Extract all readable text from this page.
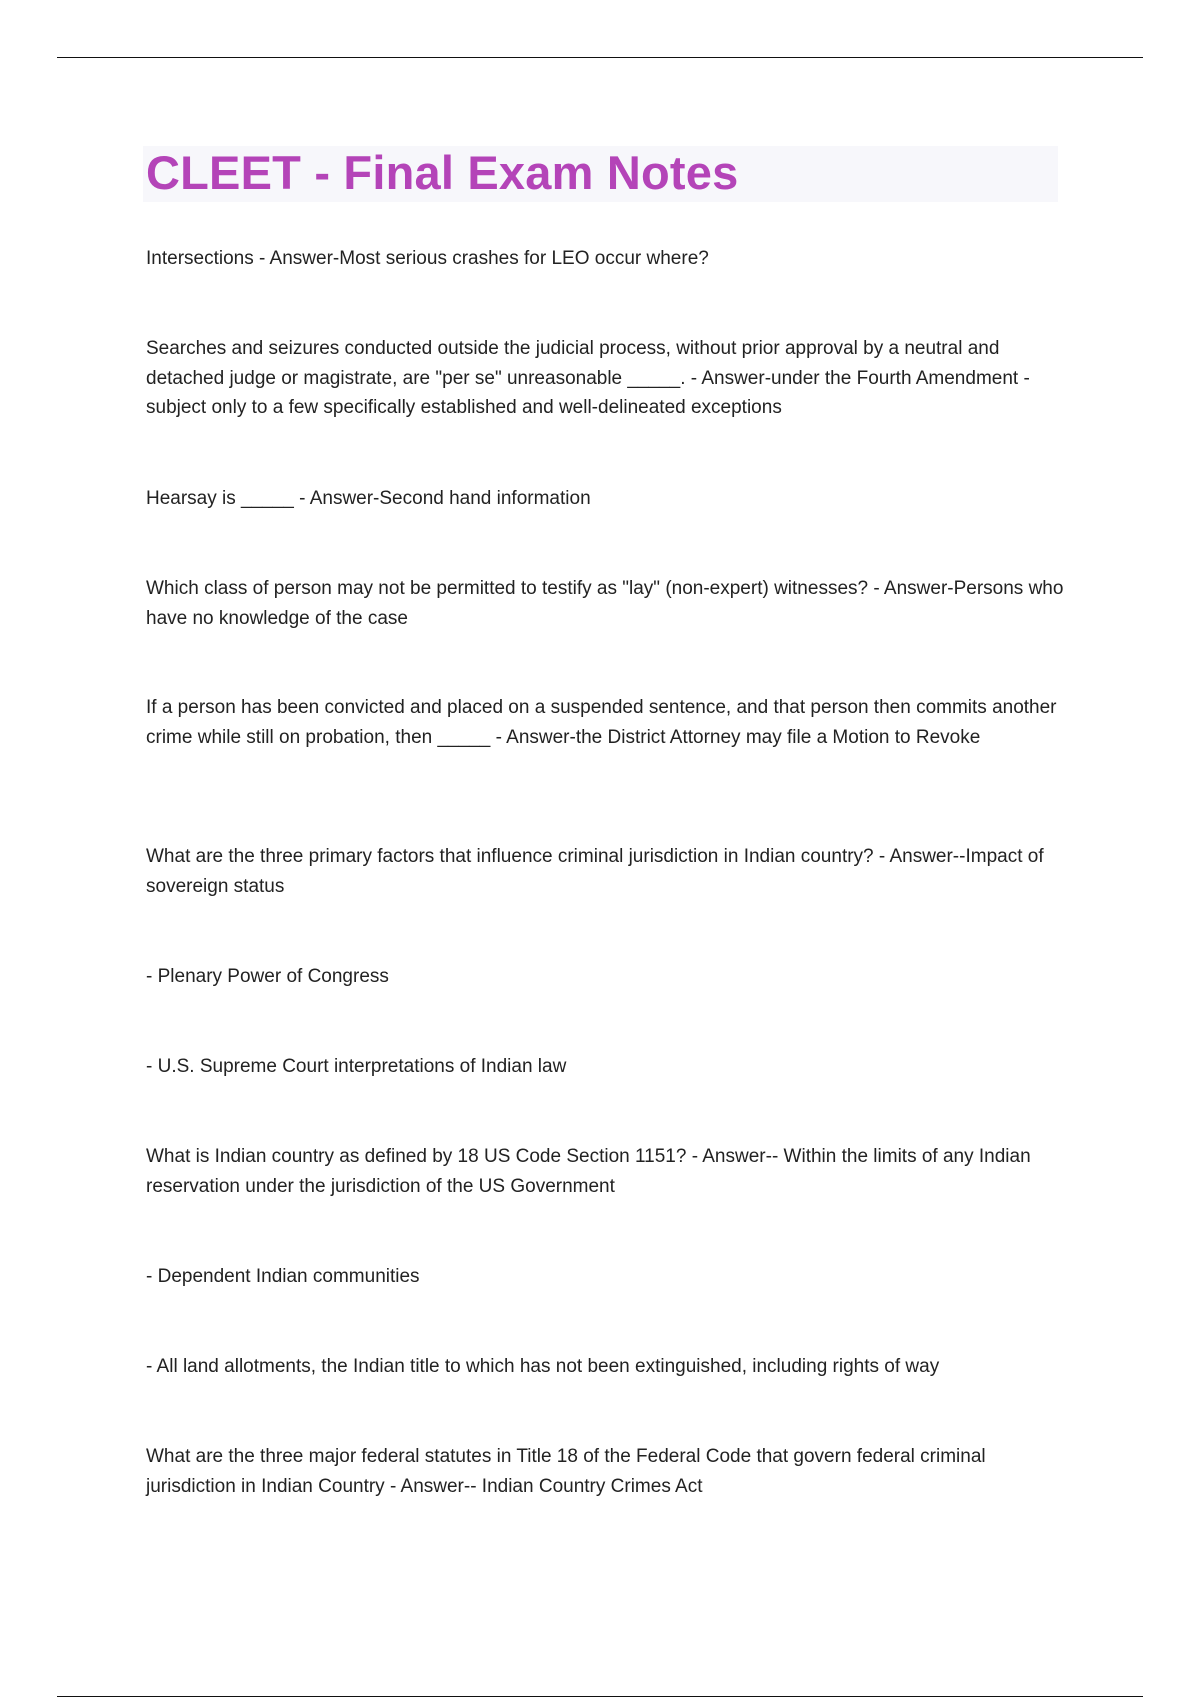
CLEET - Final Exam Notes

Intersections - Answer-Most serious crashes for LEO occur where?

Searches and seizures conducted outside the judicial process, without prior approval by a neutral and detached judge or magistrate, are "per se" unreasonable _____. - Answer-under the Fourth Amendment - subject only to a few specifically established and well-delineated exceptions

Hearsay is _____ - Answer-Second hand information

Which class of person may not be permitted to testify as "lay" (non-expert) witnesses? - Answer-Persons who have no knowledge of the case

If a person has been convicted and placed on a suspended sentence, and that person then commits another crime while still on probation, then _____ - Answer-the District Attorney may file a Motion to Revoke

What are the three primary factors that influence criminal jurisdiction in Indian country? - Answer--Impact of sovereign status

- Plenary Power of Congress

- U.S. Supreme Court interpretations of Indian law

What is Indian country as defined by 18 US Code Section 1151? - Answer-- Within the limits of any Indian reservation under the jurisdiction of the US Government

- Dependent Indian communities

- All land allotments, the Indian title to which has not been extinguished, including rights of way

What are the three major federal statutes in Title 18 of the Federal Code that govern federal criminal jurisdiction in Indian Country - Answer-- Indian Country Crimes Act
